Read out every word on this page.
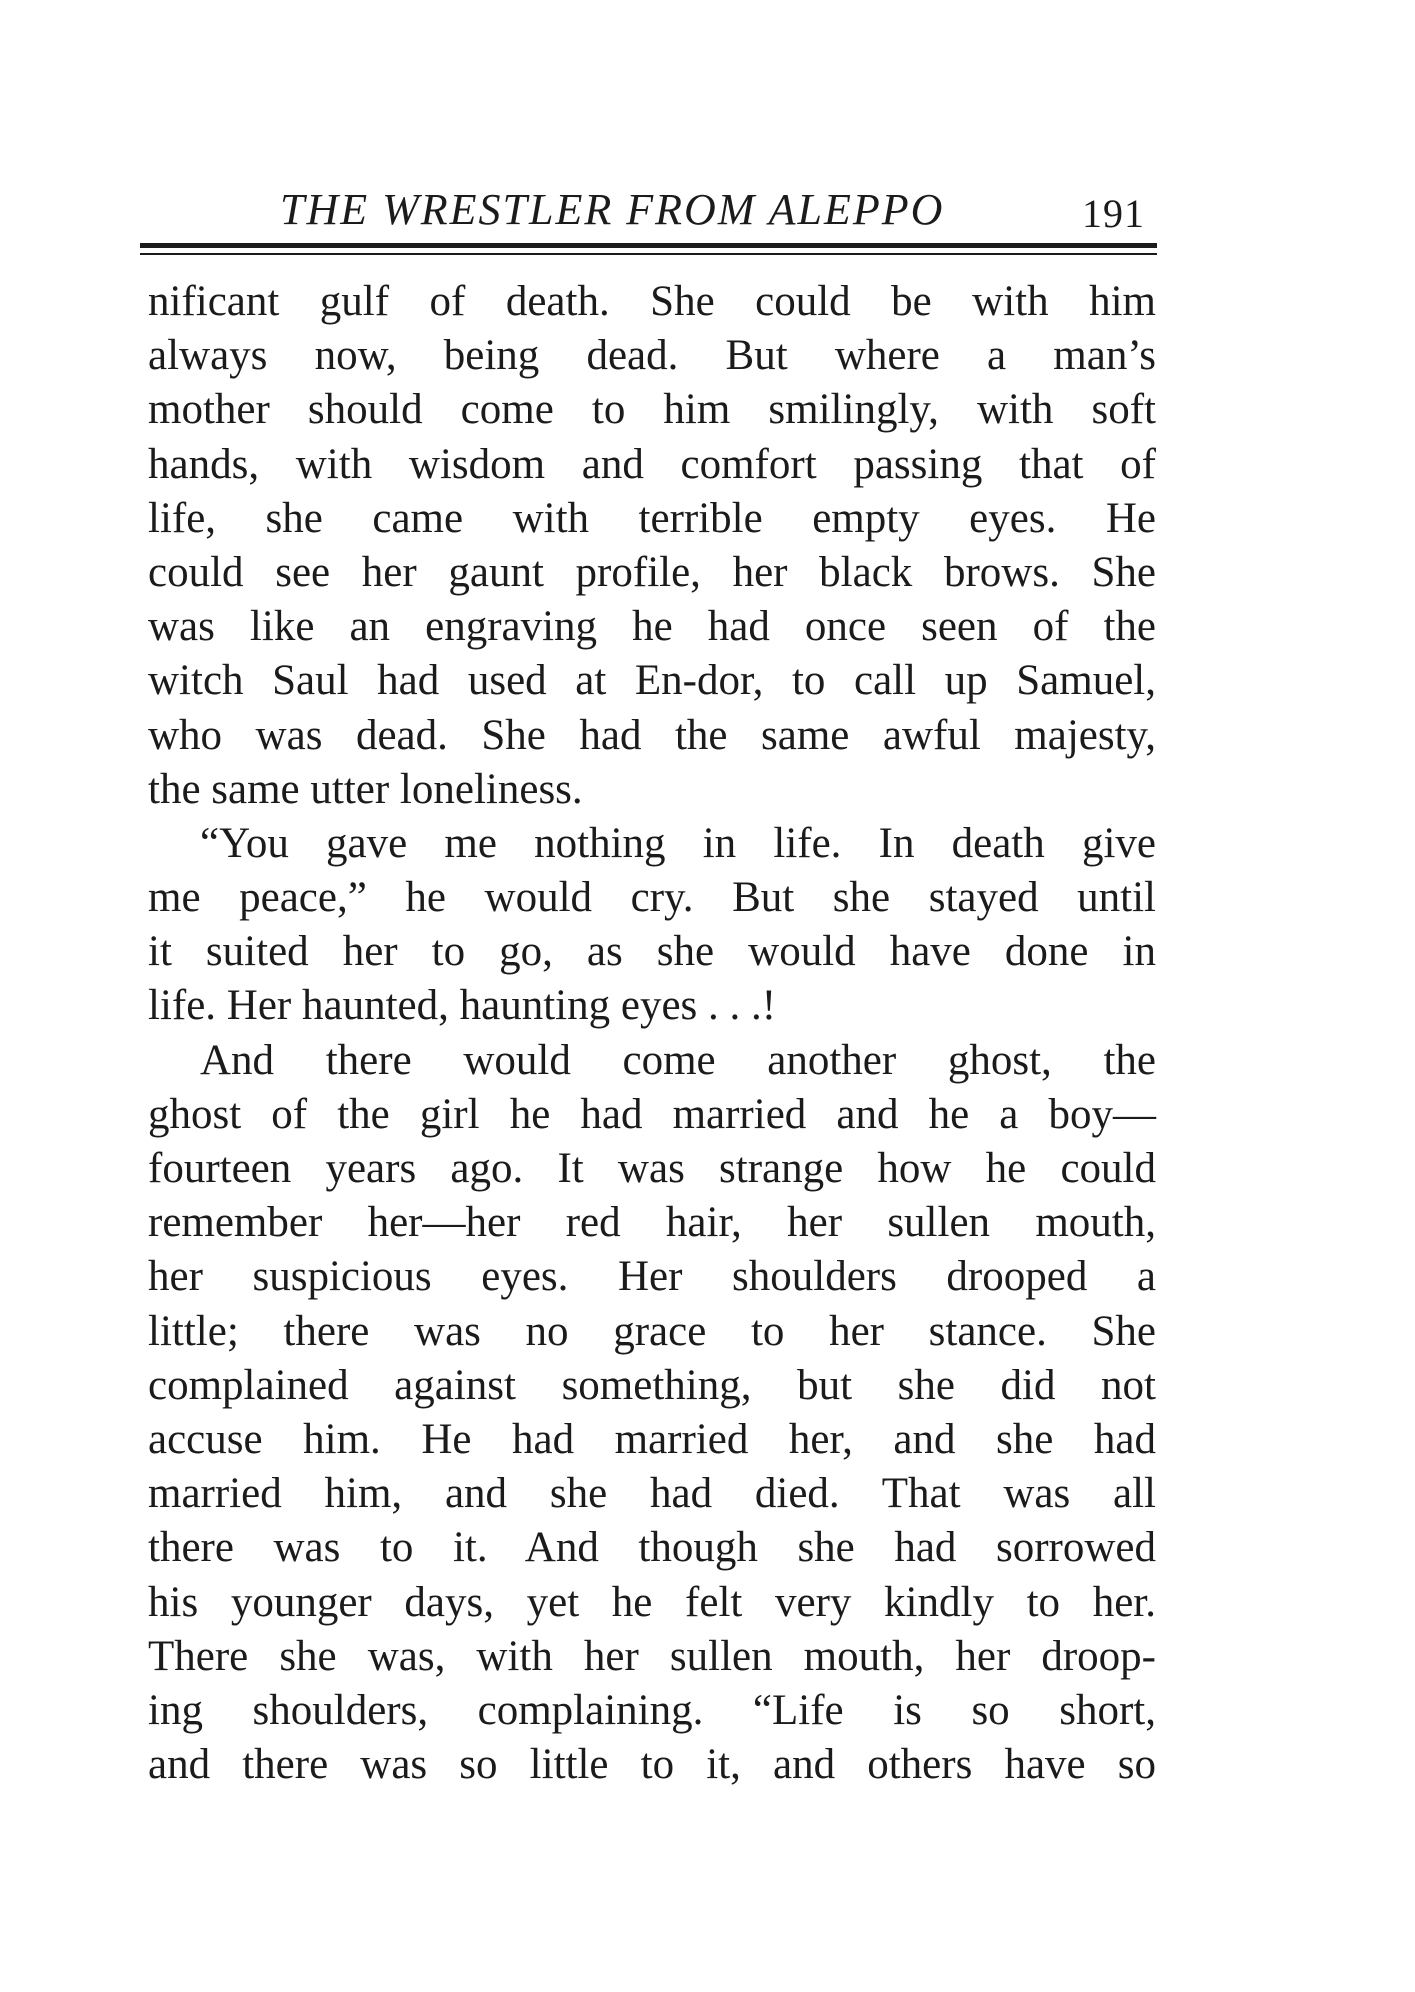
THE WRESTLER FROM ALEPPO	191
nificant gulf of death. She could be with him
always now, being dead. But where a man’s
mother should come to him smilingly, with soft
hands, with wisdom and comfort passing that of
life, she came with terrible empty eyes. He
could see her gaunt profile, her black brows. She
was like an engraving he had once seen of the
witch Saul had used at En-dor, to call up Samuel,
who was dead. She had the same awful majesty,
the same utter loneliness.
“You gave me nothing in life. In death give
me peace,” he would cry. But she stayed until
it suited her to go, as she would have done in
life. Her haunted, haunting eyes . . .!
And there would come another ghost, the
ghost of the girl he had married and he a boy—
fourteen years ago. It was strange how he could
remember her—her red hair, her sullen mouth,
her suspicious eyes. Her shoulders drooped a
little; there was no grace to her stance. She
complained against something, but she did not
accuse him. He had married her, and she had
married him, and she had died. That was all
there was to it. And though she had sorrowed
his younger days, yet he felt very kindly to her.
There she was, with her sullen mouth, her droop-
ing shoulders, complaining. “Life is so short,
and there was so little to it, and others have so
